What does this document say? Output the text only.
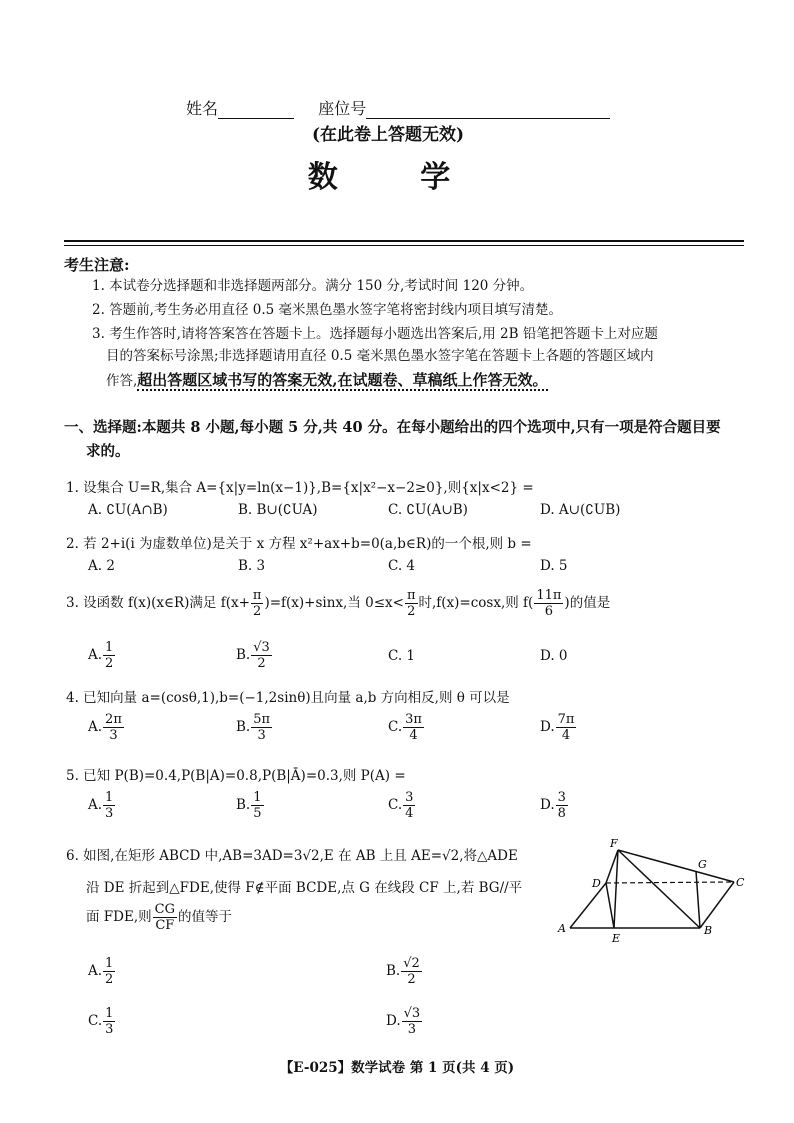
姓名	座位号
(在此卷上答题无效)
数 学
考生注意:
1. 本试卷分选择题和非选择题两部分。满分 150 分,考试时间 120 分钟。
2. 答题前,考生务必用直径 0.5 毫米黑色墨水签字笔将密封线内项目填写清楚。
3. 考生作答时,请将答案答在答题卡上。选择题每小题选出答案后,用 2B 铅笔把答题卡上对应题
目的答案标号涂黑;非选择题请用直径 0.5 毫米黑色墨水签字笔在答题卡上各题的答题区域内
作答,超出答题区域书写的答案无效,在试题卷、草稿纸上作答无效。
一、选择题:本题共 8 小题,每小题 5 分,共 40 分。在每小题给出的四个选项中,只有一项是符合题目要
求的。
1. 设集合 U=R,集合 A={x|y=ln(x−1)},B={x|x²−x−2≥0},则{x|x<2} =
A. ∁U(A∩B)	B. B∪(∁UA)	C. ∁U(A∪B)	D. A∪(∁UB)
2. 若 2+i(i 为虚数单位)是关于 x 方程 x²+ax+b=0(a,b∈R)的一个根,则 b =
A. 2	B. 3	C. 4	D. 5
3. 设函数 f(x)(x∈R)满足 $f(x+ \frac{\pi}{2} )=f(x)+\sin x$,当 $0\le x< \frac{\pi}{2}$ 时,f(x)=cosx,则 $f( \frac{11\pi}{6}$ )的值是
A. $\frac{1}{2}$	B. $\frac{√3}{2}$	C. 1	D. 0
4. 已知向量 a=(cosθ,1),b=(−1,2sinθ)且向量 a,b 方向相反,则 θ 可以是
A. $\frac{2\pi}{3}$	B. $\frac{5\pi}{3}$	C. $\frac{3\pi}{4}$	D. $\frac{7\pi}{4}$
5. 已知 P(B)=0.4,P(B|A)=0.8,P(B|Ā)=0.3,则 P(A) =
A. $\frac{1}{3}$	B. $\frac{1}{5}$	C. $\frac{3}{4}$	D. $\frac{3}{8}$
6. 如图,在矩形 ABCD 中,AB=3AD=3√2,E 在 AB 上且 AE=√2,将△ADE
沿 DE 折起到△FDE,使得 F∉平面 BCDE,点 G 在线段 CF 上,若 BG//平
面 FDE,则 $\frac{CG}{CF}$ 的值等于
A. $\frac{1}{2}$	B. $\frac{√2}{2}$
C. $\frac{1}{3}$	D. $\frac{√3}{3}$
F
G
D	C
A
E
B
【E-025】数学试卷 第 1 页(共 4 页)
